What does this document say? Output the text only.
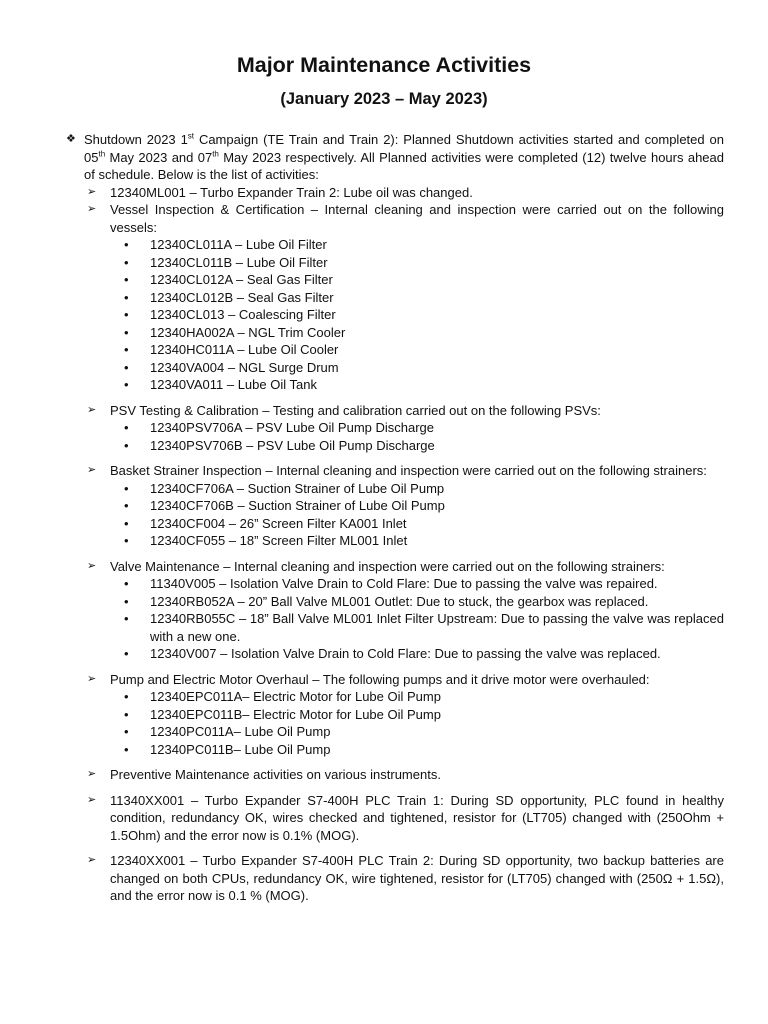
Major Maintenance Activities
(January 2023 – May 2023)
❖ Shutdown 2023 1st Campaign (TE Train and Train 2): Planned Shutdown activities started and completed on 05th May 2023 and 07th May 2023 respectively. All Planned activities were completed (12) twelve hours ahead of schedule. Below is the list of activities:
➢ 12340ML001 – Turbo Expander Train 2: Lube oil was changed.
➢ Vessel Inspection & Certification – Internal cleaning and inspection were carried out on the following vessels:
• 12340CL011A – Lube Oil Filter
• 12340CL011B – Lube Oil Filter
• 12340CL012A – Seal Gas Filter
• 12340CL012B – Seal Gas Filter
• 12340CL013 – Coalescing Filter
• 12340HA002A – NGL Trim Cooler
• 12340HC011A – Lube Oil Cooler
• 12340VA004 – NGL Surge Drum
• 12340VA011 – Lube Oil Tank
➢ PSV Testing & Calibration – Testing and calibration carried out on the following PSVs:
• 12340PSV706A – PSV Lube Oil Pump Discharge
• 12340PSV706B – PSV Lube Oil Pump Discharge
➢ Basket Strainer Inspection – Internal cleaning and inspection were carried out on the following strainers:
• 12340CF706A – Suction Strainer of Lube Oil Pump
• 12340CF706B – Suction Strainer of Lube Oil Pump
• 12340CF004 – 26” Screen Filter KA001 Inlet
• 12340CF055 – 18” Screen Filter ML001 Inlet
➢ Valve Maintenance – Internal cleaning and inspection were carried out on the following strainers:
• 11340V005 – Isolation Valve Drain to Cold Flare: Due to passing the valve was repaired.
• 12340RB052A – 20” Ball Valve ML001 Outlet: Due to stuck, the gearbox was replaced.
• 12340RB055C – 18” Ball Valve ML001 Inlet Filter Upstream: Due to passing the valve was replaced with a new one.
• 12340V007 – Isolation Valve Drain to Cold Flare: Due to passing the valve was replaced.
➢ Pump and Electric Motor Overhaul – The following pumps and it drive motor were overhauled:
• 12340EPC011A– Electric Motor for Lube Oil Pump
• 12340EPC011B– Electric Motor for Lube Oil Pump
• 12340PC011A– Lube Oil Pump
• 12340PC011B– Lube Oil Pump
➢ Preventive Maintenance activities on various instruments.
➢ 11340XX001 – Turbo Expander S7-400H PLC Train 1: During SD opportunity, PLC found in healthy condition, redundancy OK, wires checked and tightened, resistor for (LT705) changed with (250Ohm + 1.5Ohm) and the error now is 0.1% (MOG).
➢ 12340XX001 – Turbo Expander S7-400H PLC Train 2: During SD opportunity, two backup batteries are changed on both CPUs, redundancy OK, wire tightened, resistor for (LT705) changed with (250Ω + 1.5Ω), and the error now is 0.1 % (MOG).
